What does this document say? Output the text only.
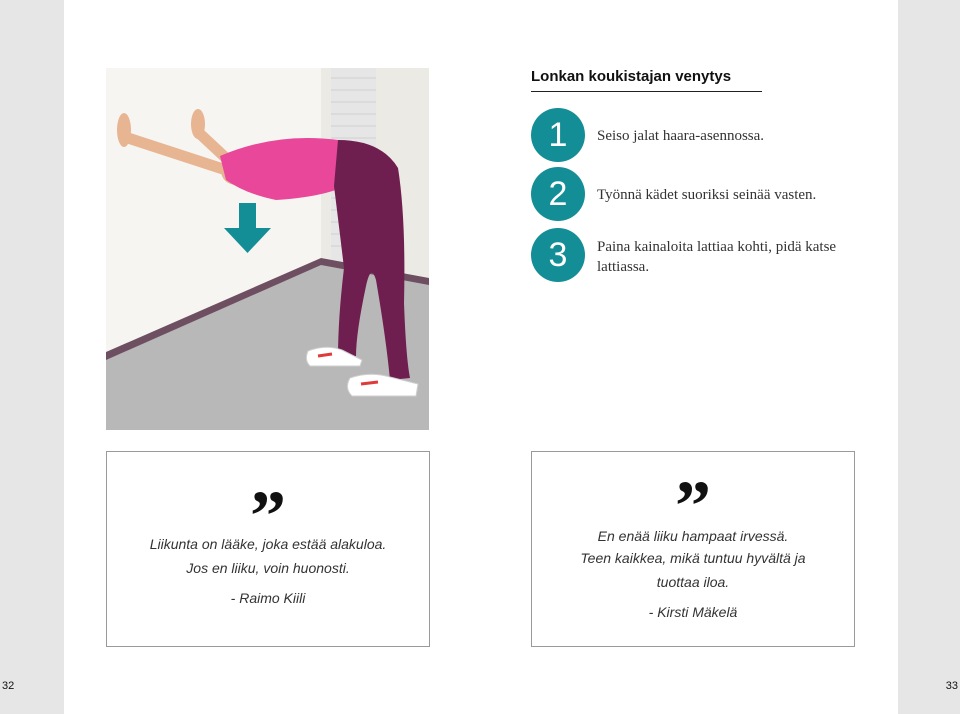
Lonkan koukistajan venytys
1	Seiso jalat haara-asennossa.
2	Työnnä kädet suoriksi seinää vasten.
3	Paina kainaloita lattiaa kohti, pidä katse lattiassa.
”
Liikunta on lääke, joka estää alakuloa.
Jos en liiku, voin huonosti.
- Raimo Kiili
”
En enää liiku hampaat irvessä.
Teen kaikkea, mikä tuntuu hyvältä ja
tuottaa iloa.
- Kirsti Mäkelä
32	33
